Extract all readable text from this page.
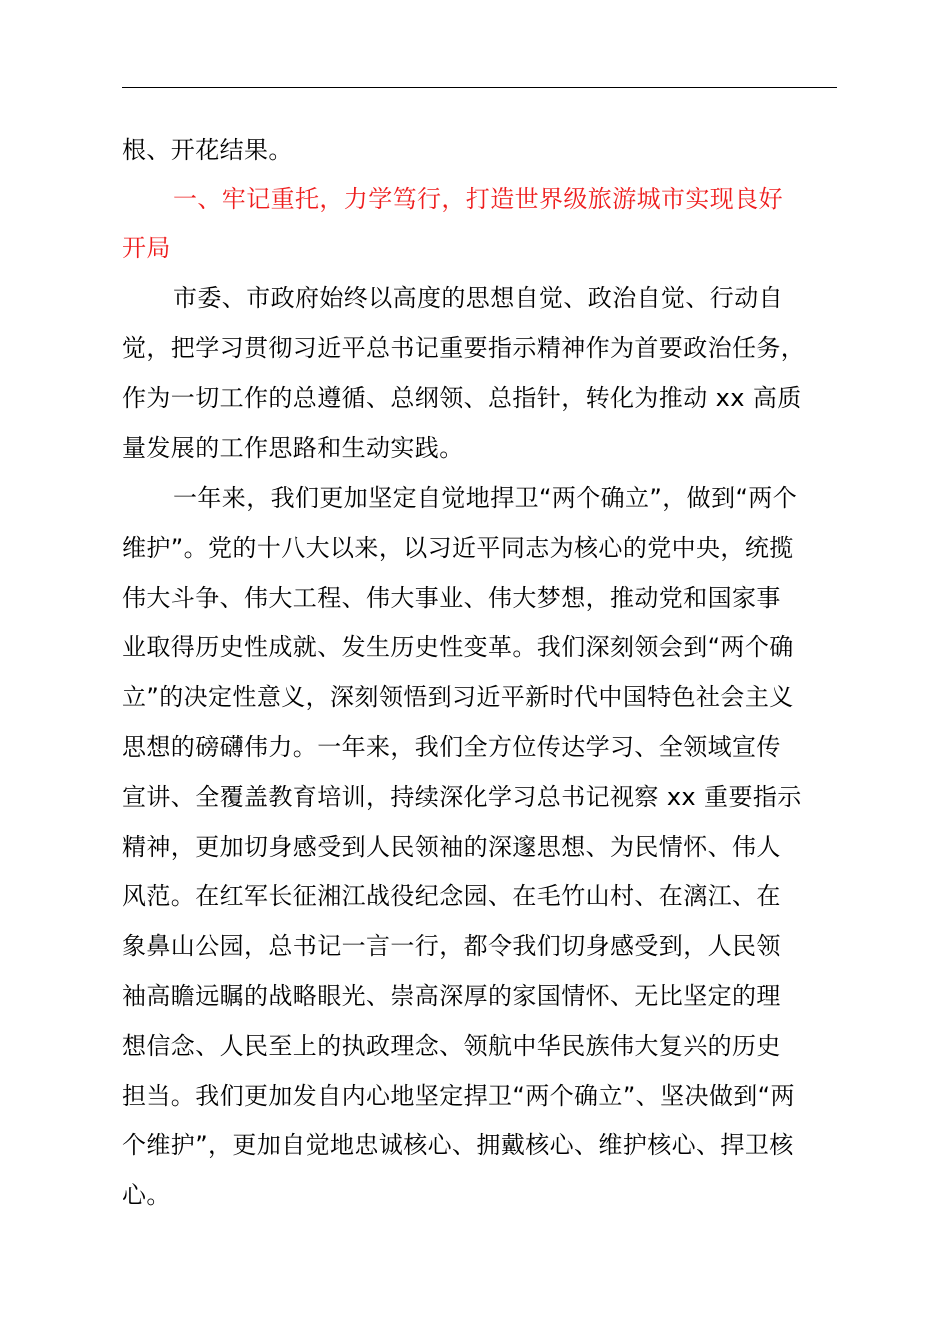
根、开花结果。
一、牢记重托，力学笃行，打造世界级旅游城市实现良好
开局
市委、市政府始终以高度的思想自觉、政治自觉、行动自
觉，把学习贯彻习近平总书记重要指示精神作为首要政治任务，
作为一切工作的总遵循、总纲领、总指针，转化为推动 xx 高质
量发展的工作思路和生动实践。
一年来，我们更加坚定自觉地捍卫“两个确立”，做到“两个
维护”。党的十八大以来，以习近平同志为核心的党中央，统揽
伟大斗争、伟大工程、伟大事业、伟大梦想，推动党和国家事
业取得历史性成就、发生历史性变革。我们深刻领会到“两个确
立”的决定性意义，深刻领悟到习近平新时代中国特色社会主义
思想的磅礴伟力。一年来，我们全方位传达学习、全领域宣传
宣讲、全覆盖教育培训，持续深化学习总书记视察 xx 重要指示
精神，更加切身感受到人民领袖的深邃思想、为民情怀、伟人
风范。在红军长征湘江战役纪念园、在毛竹山村、在漓江、在
象鼻山公园，总书记一言一行，都令我们切身感受到，人民领
袖高瞻远瞩的战略眼光、崇高深厚的家国情怀、无比坚定的理
想信念、人民至上的执政理念、领航中华民族伟大复兴的历史
担当。我们更加发自内心地坚定捍卫“两个确立”、坚决做到“两
个维护”，更加自觉地忠诚核心、拥戴核心、维护核心、捍卫核
心。
